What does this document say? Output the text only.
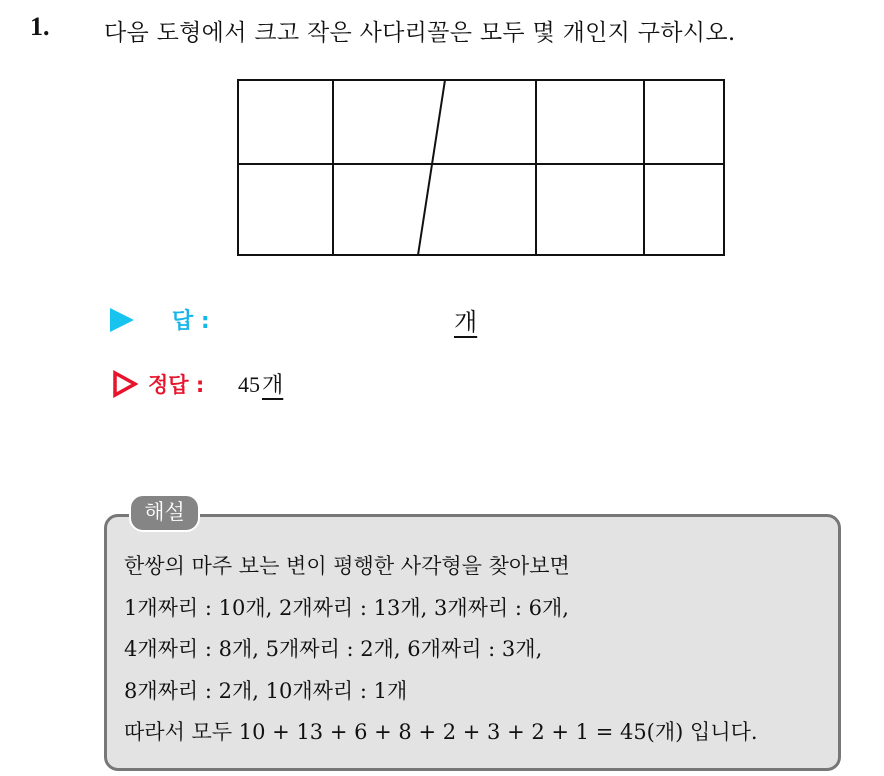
1. 다음 도형에서 크고 작은 사다리꼴은 모두 몇 개인지 구하시오.
답 :	개
정답 : 45개
해설
한쌍의 마주 보는 변이 평행한 사각형을 찾아보면
1개짜리 : 10개, 2개짜리 : 13개, 3개짜리 : 6개,
4개짜리 : 8개, 5개짜리 : 2개, 6개짜리 : 3개,
8개짜리 : 2개, 10개짜리 : 1개
따라서 모두 10 + 13 + 6 + 8 + 2 + 3 + 2 + 1 = 45(개) 입니다.
